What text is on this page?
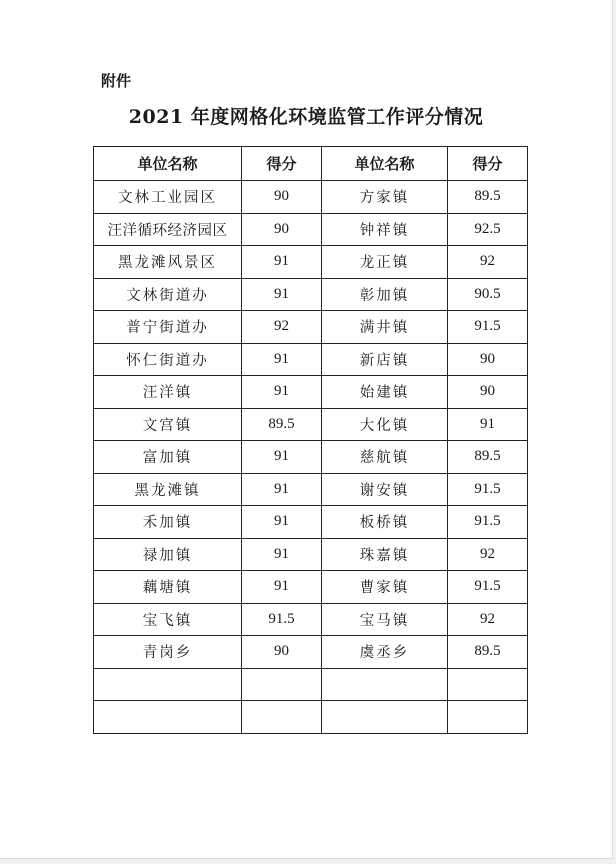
附件
2021 年度网格化环境监管工作评分情况
单位名称	得分	单位名称	得分
文林工业园区	90	方家镇	89.5
汪洋循环经济园区	90	钟祥镇	92.5
黑龙滩风景区	91	龙正镇	92
文林街道办	91	彰加镇	90.5
普宁街道办	92	满井镇	91.5
怀仁街道办	91	新店镇	90
汪洋镇	91	始建镇	90
文宫镇	89.5	大化镇	91
富加镇	91	慈航镇	89.5
黑龙滩镇	91	谢安镇	91.5
禾加镇	91	板桥镇	91.5
禄加镇	91	珠嘉镇	92
藕塘镇	91	曹家镇	91.5
宝飞镇	91.5	宝马镇	92
青岗乡	90	虞丞乡	89.5
